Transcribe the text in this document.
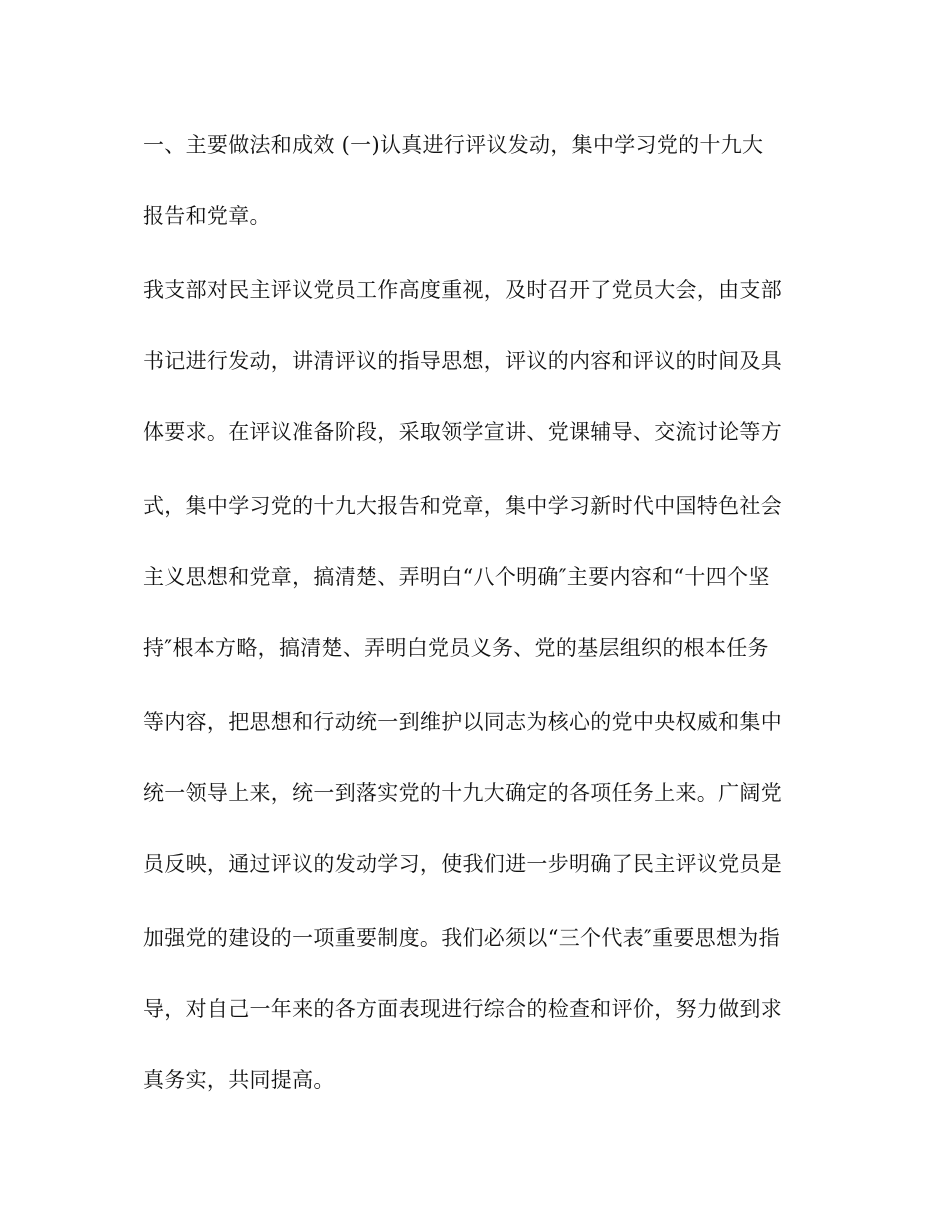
一、主要做法和成效 (一)认真进行评议发动，集中学习党的十九大
报告和党章。
我支部对民主评议党员工作高度重视，及时召开了党员大会，由支部
书记进行发动，讲清评议的指导思想，评议的内容和评议的时间及具
体要求。在评议准备阶段，采取领学宣讲、党课辅导、交流讨论等方
式，集中学习党的十九大报告和党章，集中学习新时代中国特色社会
主义思想和党章，搞清楚、弄明白“八个明确″主要内容和“十四个坚
持″根本方略，搞清楚、弄明白党员义务、党的基层组织的根本任务
等内容，把思想和行动统一到维护以同志为核心的党中央权威和集中
统一领导上来，统一到落实党的十九大确定的各项任务上来。广阔党
员反映，通过评议的发动学习，使我们进一步明确了民主评议党员是
加强党的建设的一项重要制度。我们必须以“三个代表″重要思想为指
导，对自己一年来的各方面表现进行综合的检查和评价，努力做到求
真务实，共同提高。
